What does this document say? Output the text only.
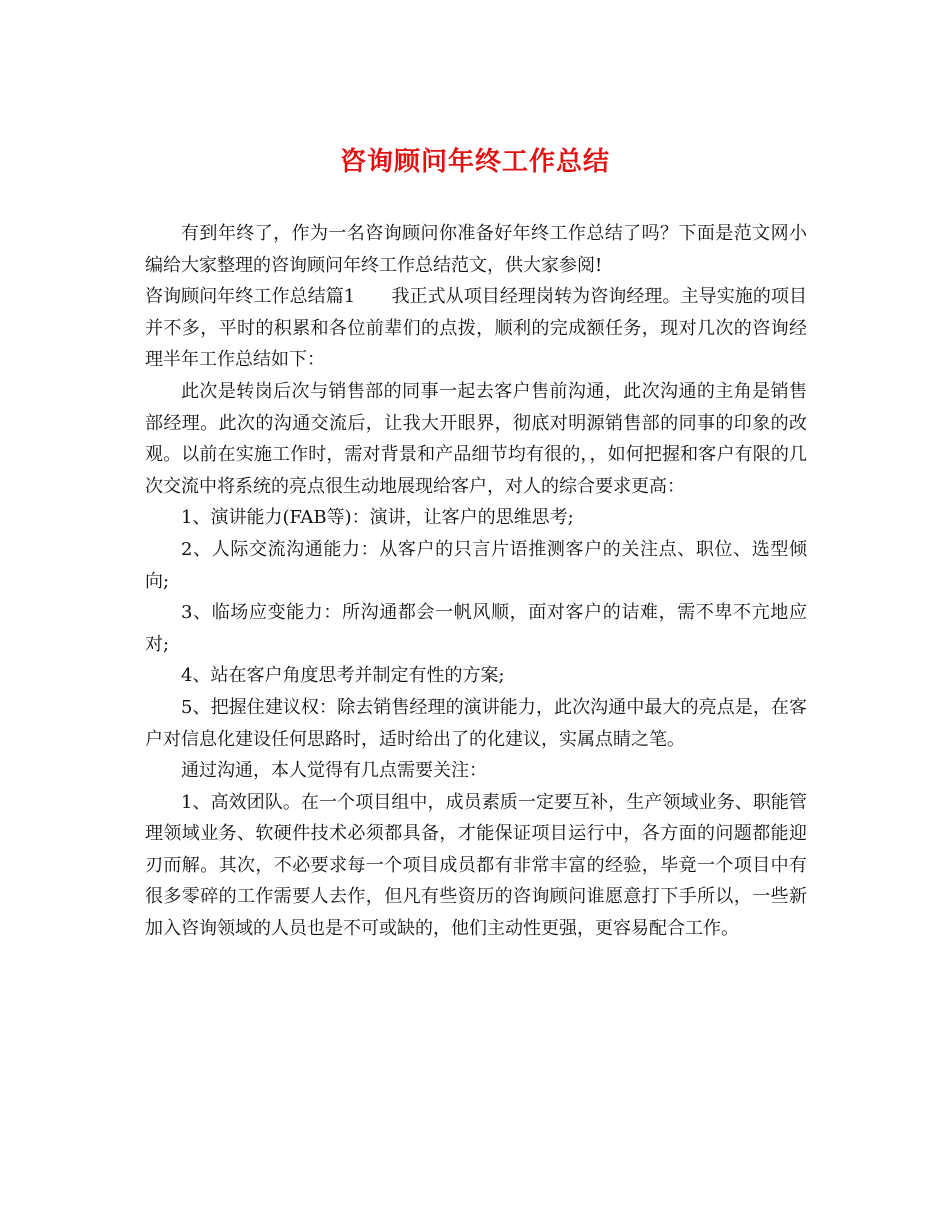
咨询顾问年终工作总结

有到年终了，作为一名咨询顾问你准备好年终工作总结了吗？下面是范文网小编给大家整理的咨询顾问年终工作总结范文，供大家参阅!

咨询顾问年终工作总结篇1　　我正式从项目经理岗转为咨询经理。主导实施的项目并不多，平时的积累和各位前辈们的点拨，顺利的完成额任务，现对几次的咨询经理半年工作总结如下：

此次是转岗后次与销售部的同事一起去客户售前沟通，此次沟通的主角是销售部经理。此次的沟通交流后，让我大开眼界，彻底对明源销售部的同事的印象的改观。以前在实施工作时，需对背景和产品细节均有很的，，如何把握和客户有限的几次交流中将系统的亮点很生动地展现给客户，对人的综合要求更高：

1、演讲能力(FAB等)：演讲，让客户的思维思考;

2、人际交流沟通能力：从客户的只言片语推测客户的关注点、职位、选型倾向;

3、临场应变能力：所沟通都会一帆风顺，面对客户的诘难，需不卑不亢地应对;

4、站在客户角度思考并制定有性的方案;

5、把握住建议权：除去销售经理的演讲能力，此次沟通中最大的亮点是，在客户对信息化建设任何思路时，适时给出了的化建议，实属点睛之笔。

通过沟通，本人觉得有几点需要关注：

1、高效团队。在一个项目组中，成员素质一定要互补，生产领域业务、职能管理领域业务、软硬件技术必须都具备，才能保证项目运行中，各方面的问题都能迎刃而解。其次，不必要求每一个项目成员都有非常丰富的经验，毕竟一个项目中有很多零碎的工作需要人去作，但凡有些资历的咨询顾问谁愿意打下手所以，一些新加入咨询领域的人员也是不可或缺的，他们主动性更强，更容易配合工作。
